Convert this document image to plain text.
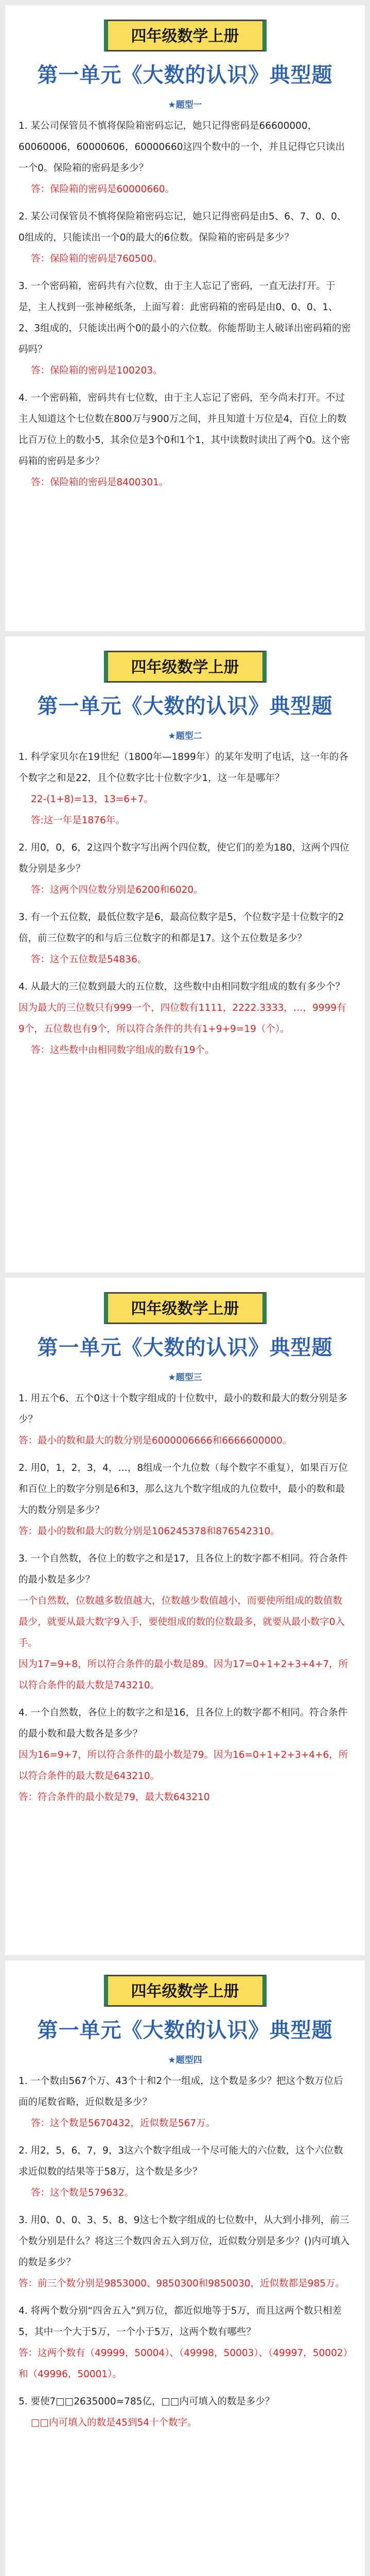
四年级数学上册
第一单元《大数的认识》典型题
★题型一

1. 某公司保管员不慎将保险箱密码忘记，她只记得密码是66600000，60060006，60000606，60000660这四个数中的一个，并且记得它只读出一个0。保险箱的密码是多少？

答：保险箱的密码是60000660。

2. 某公司保管员不慎将保险箱密码忘记，她只记得密码是由5、6、7、0、0、0组成的，只能读出一个0的最大的6位数。保险箱的密码是多少？

答：保险箱的密码是760500。

3. 一个密码箱，密码共有六位数，由于主人忘记了密码，一直无法打开。于是，主人找到一张神秘纸条，上面写着：此密码箱的密码是由0、0、0、1、2、3组成的，只能读出两个0的最小的六位数。你能帮助主人破译出密码箱的密码吗？

答：保险箱的密码是100203。

4. 一个密码箱，密码共有七位数，由于主人忘记了密码，至今尚未打开。不过主人知道这个七位数在800万与900万之间，并且知道十万位是4，百位上的数比百万位上的数小5，其余位是3个0和1个1，其中读数时读出了两个0。这个密码箱的密码是多少？

答：保险箱的密码是8400301。

四年级数学上册
第一单元《大数的认识》典型题
★题型二

1. 科学家贝尔在19世纪（1800年—1899年）的某年发明了电话，这一年的各个数字之和是22，且个位数字比十位数字少1，这一年是哪年？

22-(1+8)=13，13=6+7。

答:这一年是1876年。

2. 用0，0，6，2这四个数字写出两个四位数，使它们的差为180，这两个四位数分别是多少？

答：这两个四位数分别是6200和6020。

3. 有一个五位数，最低位数字是6，最高位数字是5，个位数字是十位数字的2倍，前三位数字的和与后三位数字的和都是17。这个五位数是多少？

答：这个五位数是54836。

4. 从最大的三位数到最大的五位数，这些数中由相同数字组成的数有多少个？

因为最大的三位数只有999一个，四位数有1111，2222.3333，…，9999有9个，五位数也有9个，所以符合条件的共有1+9+9=19（个）。

答：这些数中由相同数字组成的数有19个。

四年级数学上册
第一单元《大数的认识》典型题
★题型三

1. 用五个6、五个0这十个数字组成的十位数中，最小的数和最大的数分别是多少？

答：最小的数和最大的数分别是6000006666和6666600000。

2. 用0，1，2，3，4，…，8组成一个九位数（每个数字不重复），如果百万位和百位上的数字分别是6和3，那么这九个数字组成的九位数中，最小的数和最大的数分别是多少？

答：最小的数和最大的数分别是106245378和876542310。

3. 一个自然数，各位上的数字之和是17，且各位上的数字都不相同。符合条件的最小数是多少？

一个自然数，位数越多数值越大，位数越少数值越小，而要使所组成的数值数最少，就要从最大数字9入手，要使组成的数的位数最多，就要从最小数字0入手。

因为17=9+8，所以符合条件的最小数是89。因为17=0+1+2+3+4+7，所以符合条件的最大数是743210。

4. 一个自然数，各位上的数字之和是16，且各位上的数字都不相同。符合条件的最小数和最大数各是多少？

因为16=9+7，所以符合条件的最小数是79。因为16=0+1+2+3+4+6，所以符合条件的最大数是643210。

答：符合条件的最小数是79，最大数643210

四年级数学上册
第一单元《大数的认识》典型题
★题型四

1. 一个数由567个万、43个十和2个一组成，这个数是多少？把这个数万位后面的尾数省略，近似数是多少？

答：这个数是5670432，近似数是567万。

2. 用2，5，6，7，9，3这六个数字组成一个尽可能大的六位数，这个六位数求近似数的结果等于58万，这个数是多少？

答：这个数是579632。

3. 用0、0、0、3、5、8、9这七个数字组成的七位数中，从大到小排列，前三个数分别是什么？将这三个数四舍五入到万位，近似数分别是多少？()内可填入的数是多少？

答：前三个数分别是9853000、9850300和9850030，近似数都是985万。

4. 将两个数分别“四舍五入”到万位，都近似地等于5万，而且这两个数只相差5，其中一个大于5万，一个小于5万，这两个数有哪些？

答：这两个数有（49999，50004）、（49998，50003）、（49997，50002）和（49996，50001）。

5. 要使7□□2635000≈785亿，□□内可填入的数是多少？

□□内可填入的数是45到54十个数字。
